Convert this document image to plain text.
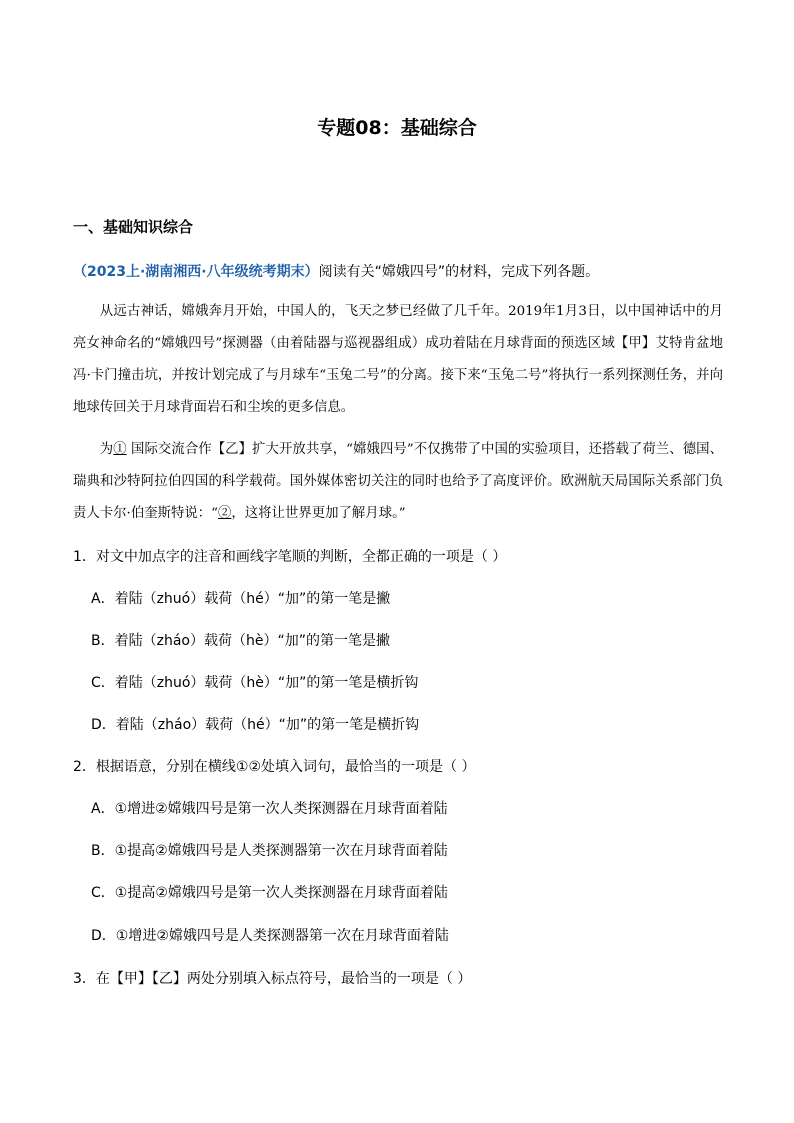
专题08：基础综合
一、基础知识综合
（2023上·湖南湘西·八年级统考期末）阅读有关“嫦娥四号”的材料，完成下列各题。

从远古神话，嫦娥奔月开始，中国人的，飞天之梦已经做了几千年。2019年1月3日，以中国神话中的月亮女神命名的“嫦娥四号”探测器（由着陆器与巡视器组成）成功着陆在月球背面的预选区域【甲】艾特肯盆地冯·卡门撞击坑，并按计划完成了与月球车“玉兔二号”的分离。接下来“玉兔二号”将执行一系列探测任务，并向地球传回关于月球背面岩石和尘埃的更多信息。

为① 国际交流合作【乙】扩大开放共享，“嫦娥四号”不仅携带了中国的实验项目，还搭载了荷兰、德国、瑞典和沙特阿拉伯四国的科学载荷。国外媒体密切关注的同时也给予了高度评价。欧洲航天局国际关系部门负责人卡尔·伯奎斯特说：“②，这将让世界更加了解月球。”

1．对文中加点字的注音和画线字笔顺的判断，全都正确的一项是（ ）
A．着陆（zhuó）载荷（hé）“加”的第一笔是撇
B．着陆（zháo）载荷（hè）“加”的第一笔是撇
C．着陆（zhuó）载荷（hè）“加”的第一笔是横折钩
D．着陆（zháo）载荷（hé）“加”的第一笔是横折钩
2．根据语意，分别在横线①②处填入词句，最恰当的一项是（ ）
A．①增进②嫦娥四号是第一次人类探测器在月球背面着陆
B．①提高②嫦娥四号是人类探测器第一次在月球背面着陆
C．①提高②嫦娥四号是第一次人类探测器在月球背面着陆
D．①增进②嫦娥四号是人类探测器第一次在月球背面着陆
3．在【甲】【乙】两处分别填入标点符号，最恰当的一项是（ ）
